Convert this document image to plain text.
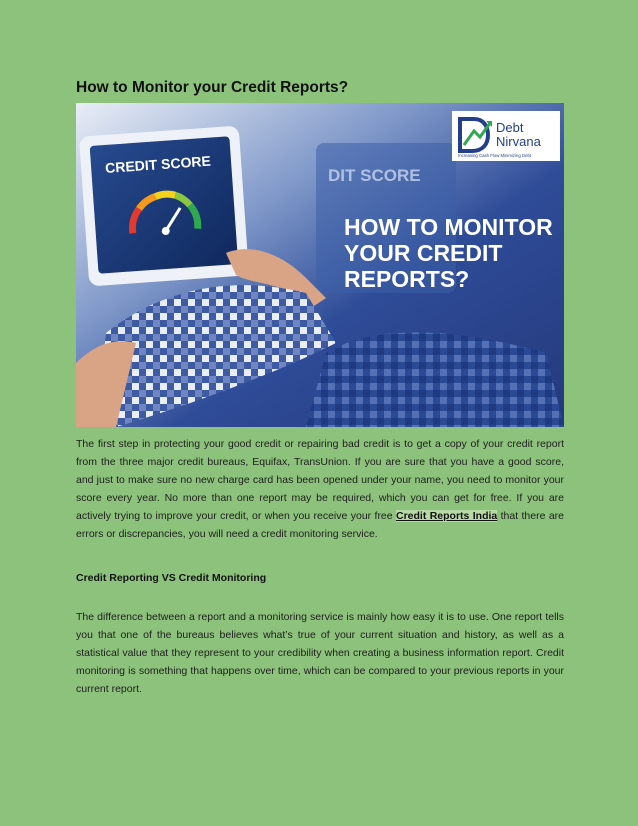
How to Monitor your Credit Reports?
DIT SCORE
CREDIT SCORE
HOW TO MONITOR
YOUR CREDIT
REPORTS?
Debt
Nirvana
Increasing Cash Flow Minimizing Debt

The first step in protecting your good credit or repairing bad credit is to get a copy of your credit report from the three major credit bureaus, Equifax, TransUnion. If you are sure that you have a good score, and just to make sure no new charge card has been opened under your name, you need to monitor your score every year. No more than one report may be required, which you can get for free. If you are actively trying to improve your credit, or when you receive your free Credit Reports India that there are errors or discrepancies, you will need a credit monitoring service.

Credit Reporting VS Credit Monitoring

The difference between a report and a monitoring service is mainly how easy it is to use. One report tells you that one of the bureaus believes what’s true of your current situation and history, as well as a statistical value that they represent to your credibility when creating a business information report. Credit monitoring is something that happens over time, which can be compared to your previous reports in your current report.
